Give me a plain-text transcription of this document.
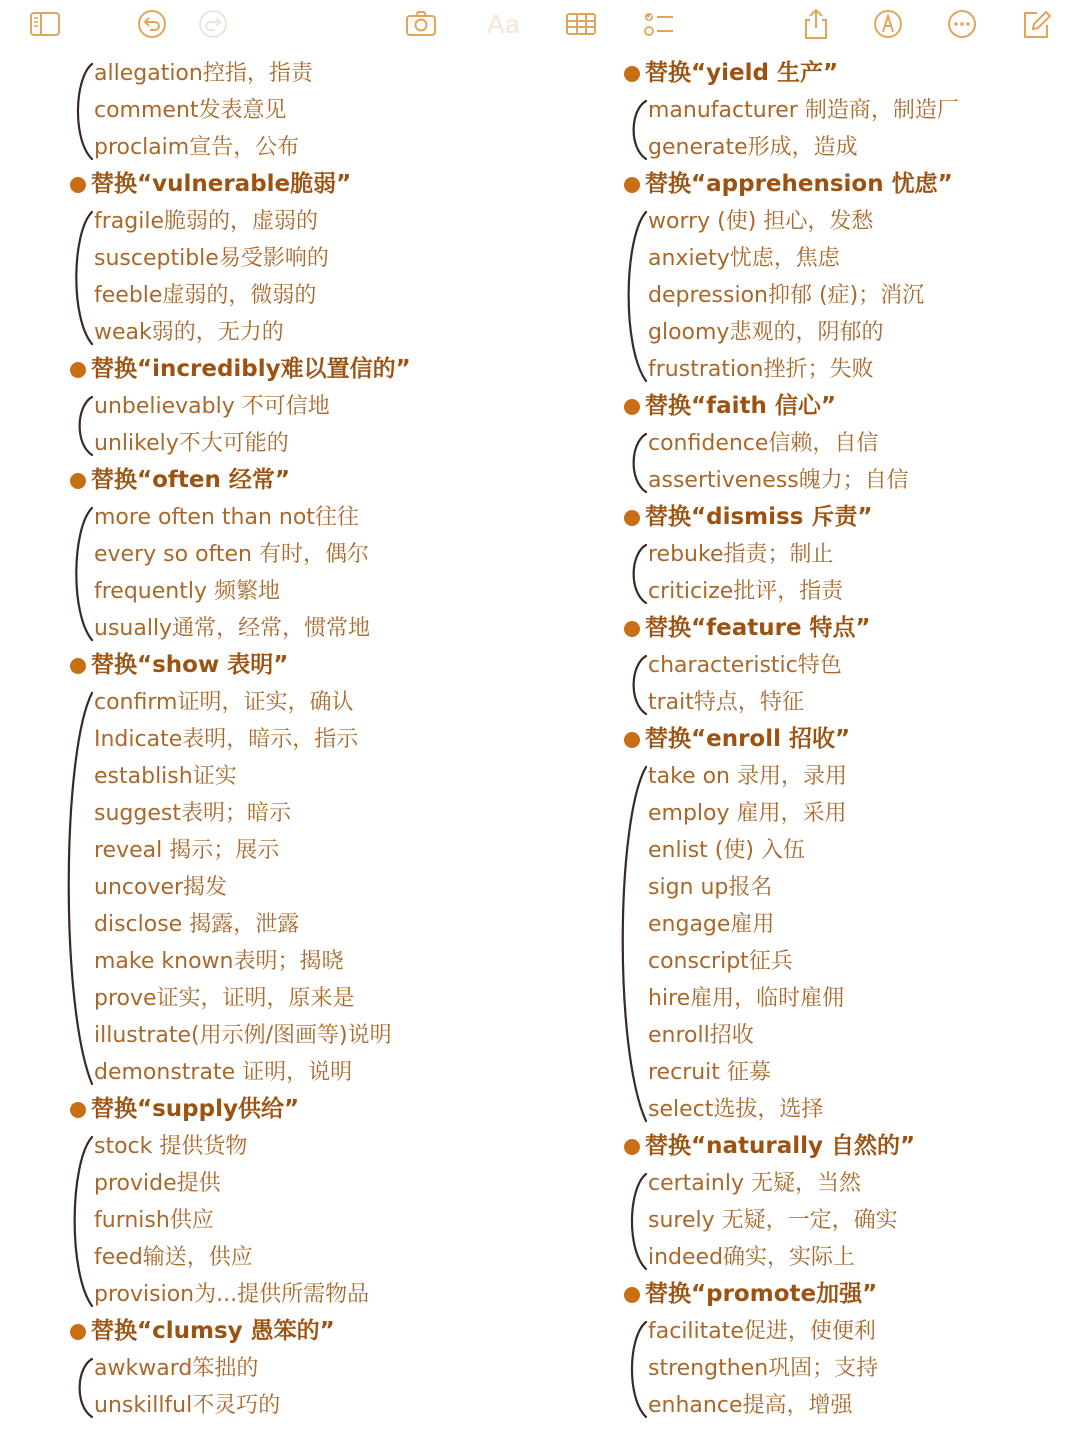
Aa
allegation控指，指责
comment发表意见
proclaim宣告，公布
替换“vulnerable脆弱”
fragile脆弱的，虚弱的
susceptible易受影响的
feeble虚弱的，微弱的
weak弱的，无力的
替换“incredibly难以置信的”
unbelievably 不可信地
unlikely不大可能的
替换“often 经常”
more often than not往往
every so often 有时，偶尔
frequently 频繁地
usually通常，经常，惯常地
替换“show 表明”
confirm证明，证实，确认
Indicate表明，暗示，指示
establish证实
suggest表明；暗示
reveal 揭示；展示
uncover揭发
disclose 揭露，泄露
make known表明；揭晓
prove证实，证明，原来是
illustrate(用示例/图画等)说明
demonstrate 证明，说明
替换“supply供给”
stock 提供货物
provide提供
furnish供应
feed输送，供应
provision为...提供所需物品
替换“clumsy 愚笨的”
awkward笨拙的
unskillful不灵巧的
替换“yield 生产”
manufacturer 制造商，制造厂
generate形成，造成
替换“apprehension 忧虑”
worry (使) 担心，发愁
anxiety忧虑，焦虑
depression抑郁 (症)；消沉
gloomy悲观的，阴郁的
frustration挫折；失败
替换“faith 信心”
confidence信赖，自信
assertiveness魄力；自信
替换“dismiss 斥责”
rebuke指责；制止
criticize批评，指责
替换“feature 特点”
characteristic特色
trait特点，特征
替换“enroll 招收”
take on 录用，录用
employ 雇用，采用
enlist (使) 入伍
sign up报名
engage雇用
conscript征兵
hire雇用，临时雇佣
enroll招收
recruit 征募
select选拔，选择
替换“naturally 自然的”
certainly 无疑，当然
surely 无疑，一定，确实
indeed确实，实际上
替换“promote加强”
facilitate促进，使便利
strengthen巩固；支持
enhance提高，增强
